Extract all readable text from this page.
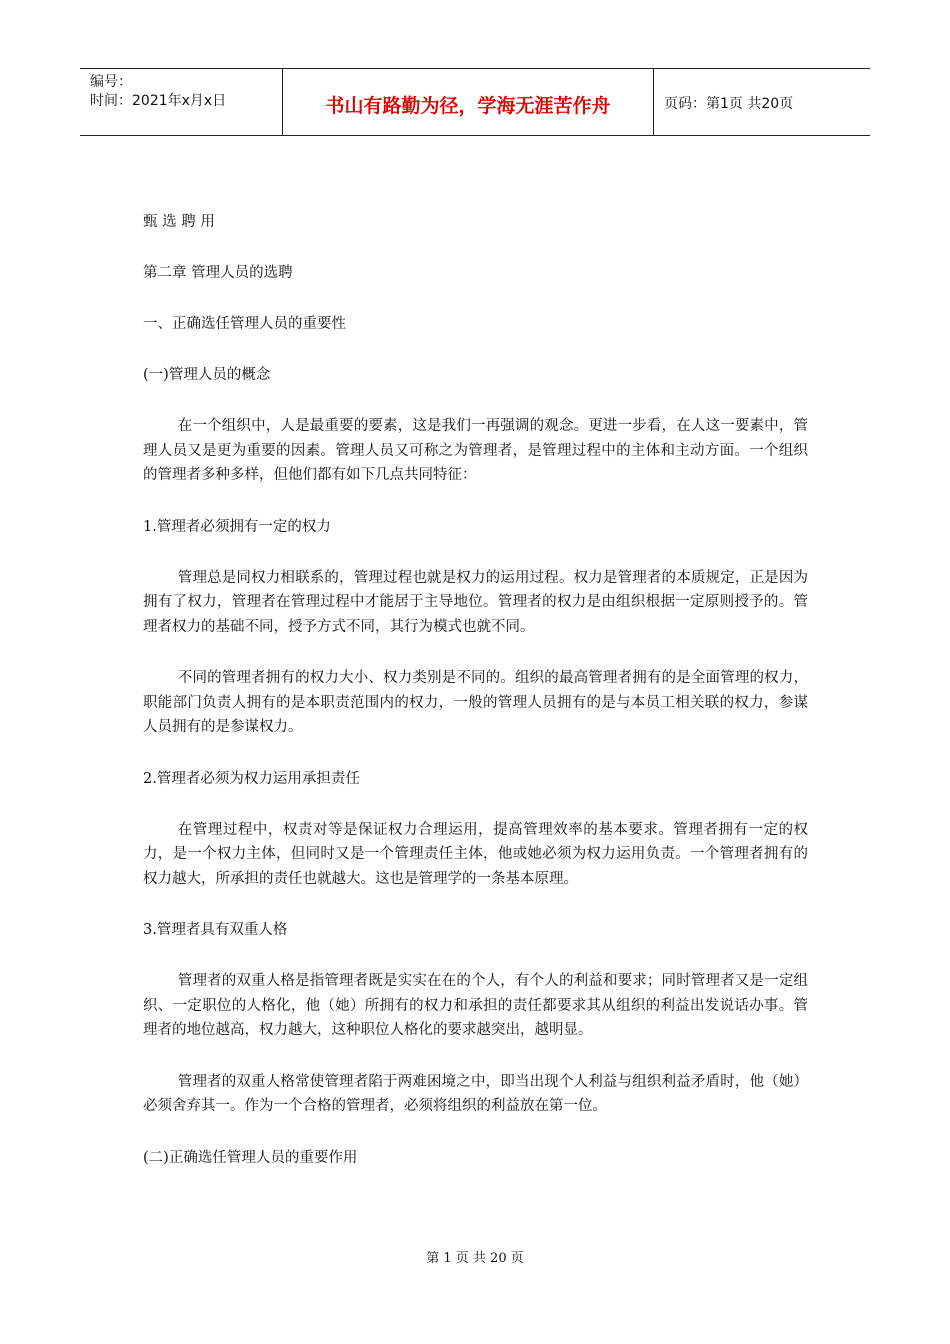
编号：
时间：2021年x月x日	书山有路勤为径，学海无涯苦作舟	页码：第1页 共20页

甄 选 聘 用

第二章 管理人员的选聘

一、正确选任管理人员的重要性

(一)管理人员的概念

在一个组织中，人是最重要的要素，这是我们一再强调的观念。更进一步看，在人这一要素中，管理人员又是更为重要的因素。管理人员又可称之为管理者，是管理过程中的主体和主动方面。一个组织的管理者多种多样，但他们都有如下几点共同特征：

1.管理者必须拥有一定的权力

管理总是同权力相联系的，管理过程也就是权力的运用过程。权力是管理者的本质规定，正是因为拥有了权力，管理者在管理过程中才能居于主导地位。管理者的权力是由组织根据一定原则授予的。管理者权力的基础不同，授予方式不同，其行为模式也就不同。

不同的管理者拥有的权力大小、权力类别是不同的。组织的最高管理者拥有的是全面管理的权力，职能部门负责人拥有的是本职责范围内的权力，一般的管理人员拥有的是与本员工相关联的权力，参谋人员拥有的是参谋权力。

2.管理者必须为权力运用承担责任

在管理过程中，权责对等是保证权力合理运用，提高管理效率的基本要求。管理者拥有一定的权力，是一个权力主体，但同时又是一个管理责任主体，他或她必须为权力运用负责。一个管理者拥有的权力越大，所承担的责任也就越大。这也是管理学的一条基本原理。

3.管理者具有双重人格

管理者的双重人格是指管理者既是实实在在的个人，有个人的利益和要求；同时管理者又是一定组织、一定职位的人格化，他（她）所拥有的权力和承担的责任都要求其从组织的利益出发说话办事。管理者的地位越高，权力越大，这种职位人格化的要求越突出，越明显。

管理者的双重人格常使管理者陷于两难困境之中，即当出现个人利益与组织利益矛盾时，他（她）必须舍弃其一。作为一个合格的管理者，必须将组织的利益放在第一位。

(二)正确选任管理人员的重要作用

第 1 页 共 20 页
